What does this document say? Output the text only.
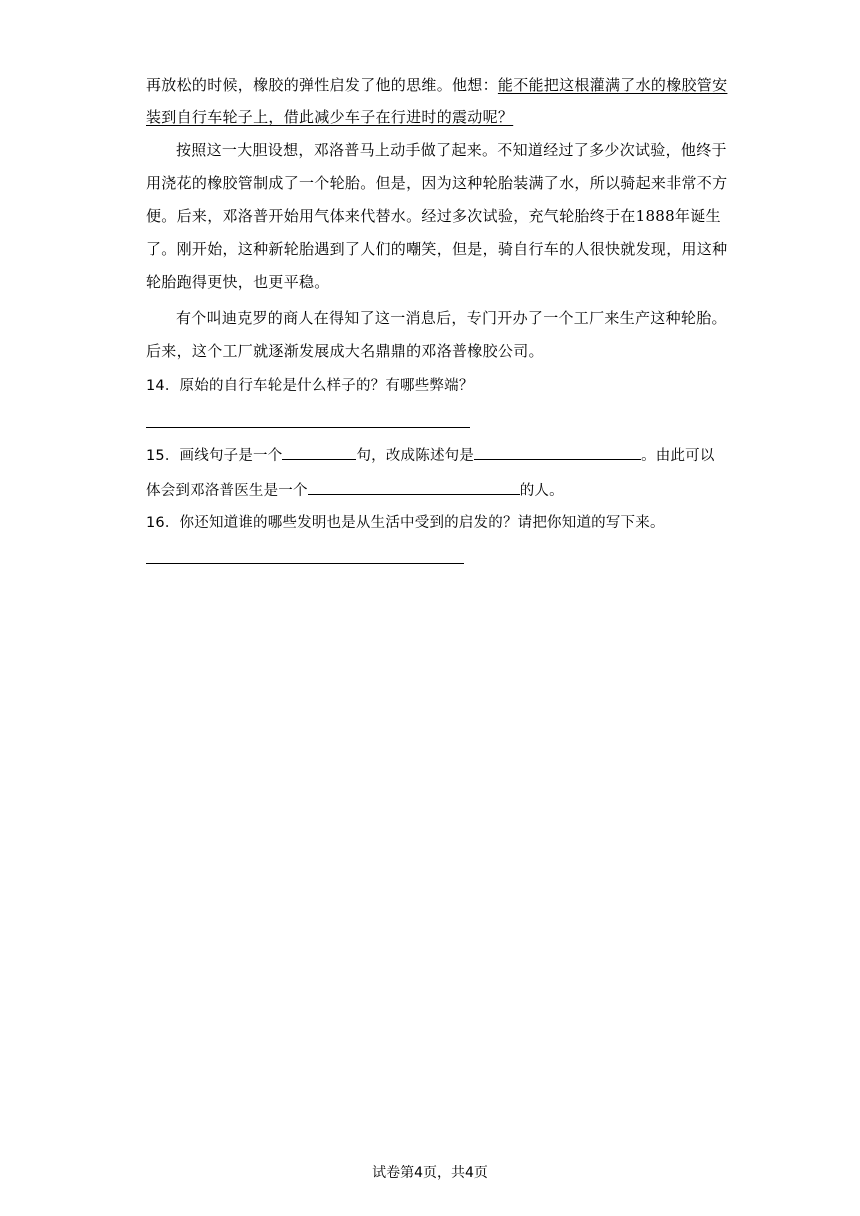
再放松的时候，橡胶的弹性启发了他的思维。他想：能不能把这根灌满了水的橡胶管安
装到自行车轮子上，借此减少车子在行进时的震动呢？
按照这一大胆设想，邓洛普马上动手做了起来。不知道经过了多少次试验，他终于
用浇花的橡胶管制成了一个轮胎。但是，因为这种轮胎装满了水，所以骑起来非常不方
便。后来，邓洛普开始用气体来代替水。经过多次试验，充气轮胎终于在1888年诞生
了。刚开始，这种新轮胎遇到了人们的嘲笑，但是，骑自行车的人很快就发现，用这种
轮胎跑得更快，也更平稳。
有个叫迪克罗的商人在得知了这一消息后，专门开办了一个工厂来生产这种轮胎。
后来，这个工厂就逐渐发展成大名鼎鼎的邓洛普橡胶公司。
14．原始的自行车轮是什么样子的？有哪些弊端？
15．画线句子是一个	句，改成陈述句是	。由此可以
体会到邓洛普医生是一个	的人。
16．你还知道谁的哪些发明也是从生活中受到的启发的？请把你知道的写下来。
试卷第4页，共4页
